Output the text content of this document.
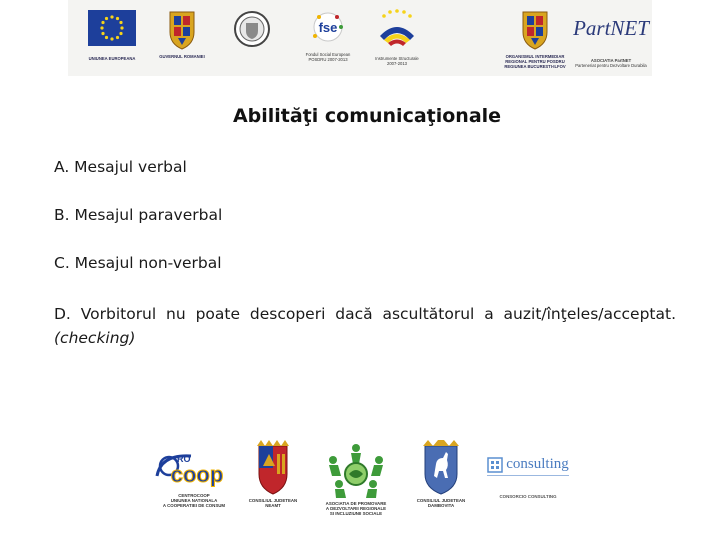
UNIUNEA EUROPEANA	GUVERNUL ROMANIEI
fse
Fondul Social European
POSDRU 2007-2013	Instrumente Structurale
2007-2013
ORGANISMUL INTERMEDIAR
REGIONAL PENTRU POSDRU
REGIUNEA BUCURESTI-ILFOV
PartNET
ASOCIATIA PartNET
Parteneriat pentru Dezvoltare Durabila
Abilităţi comunicaţionale
A. Mesajul verbal
B. Mesajul paraverbal
C. Mesajul non-verbal
D. Vorbitorul nu poate descoperi dacă ascultătorul a auzit/înţeles/acceptat. (checking)
RO
coop
CENTROCOOP
UNIUNEA NATIONALA
A COOPERATIEI DE CONSUM
CONSILIUL JUDETEAN
NEAMT	ASOCIATIA DE PROMOVARE
A DEZVOLTARII REGIONALE
SI INCLUZIUNII SOCIALE
CONSILIUL JUDETEAN
DAMBOVITA
consulting
CONSORCIO CONSULTING
